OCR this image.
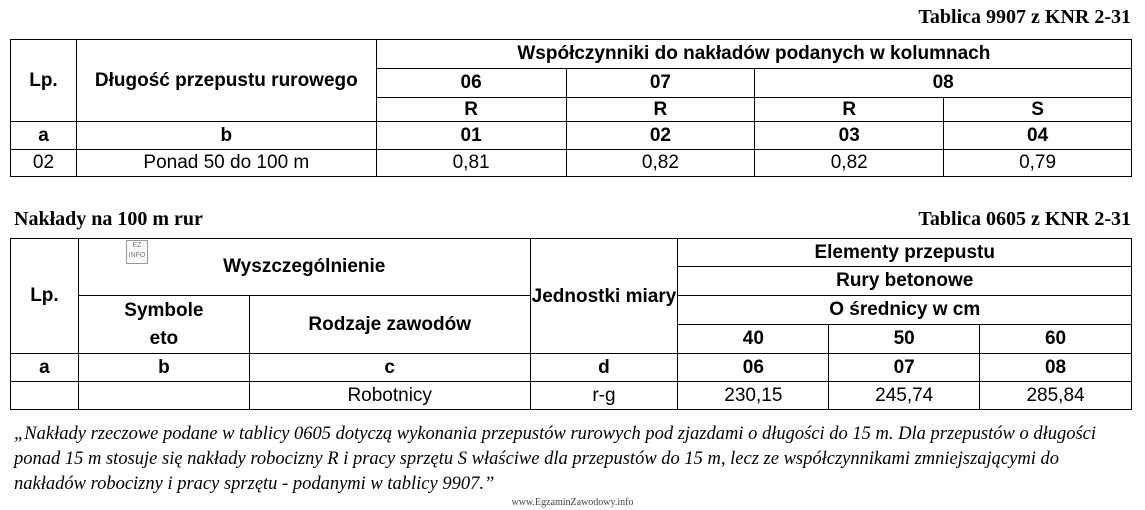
Tablica 9907 z KNR 2-31
Lp.	Długość przepustu rurowego	Współczynniki do nakładów podanych w kolumnach			
		06	07	08	
		R	R	R	S
a	b	01	02	03	04
02	Ponad 50 do 100 m	0,81	0,82	0,82	0,79
Nakłady na 100 m rur	Tablica 0605 z KNR 2-31
Lp.	Wyszczególnienie		Jednostki miary	Elementy przepustu		
				Rury betonowe		
	Symbole eto	Rodzaje zawodów		O średnicy w cm		
				40	50	60
a	b	c	d	06	07	08
		Robotnicy	r-g	230,15	245,74	285,84
EZ INFO
„Nakłady rzeczowe podane w tablicy 0605 dotyczą wykonania przepustów rurowych pod zjazdami o długości do 15 m. Dla przepustów o długości ponad 15 m stosuje się nakłady robocizny R i pracy sprzętu S właściwe dla przepustów do 15 m, lecz ze współczynnikami zmniejszającymi do nakładów robocizny i pracy sprzętu - podanymi w tablicy 9907.”
www.EgzaminZawodowy.info
